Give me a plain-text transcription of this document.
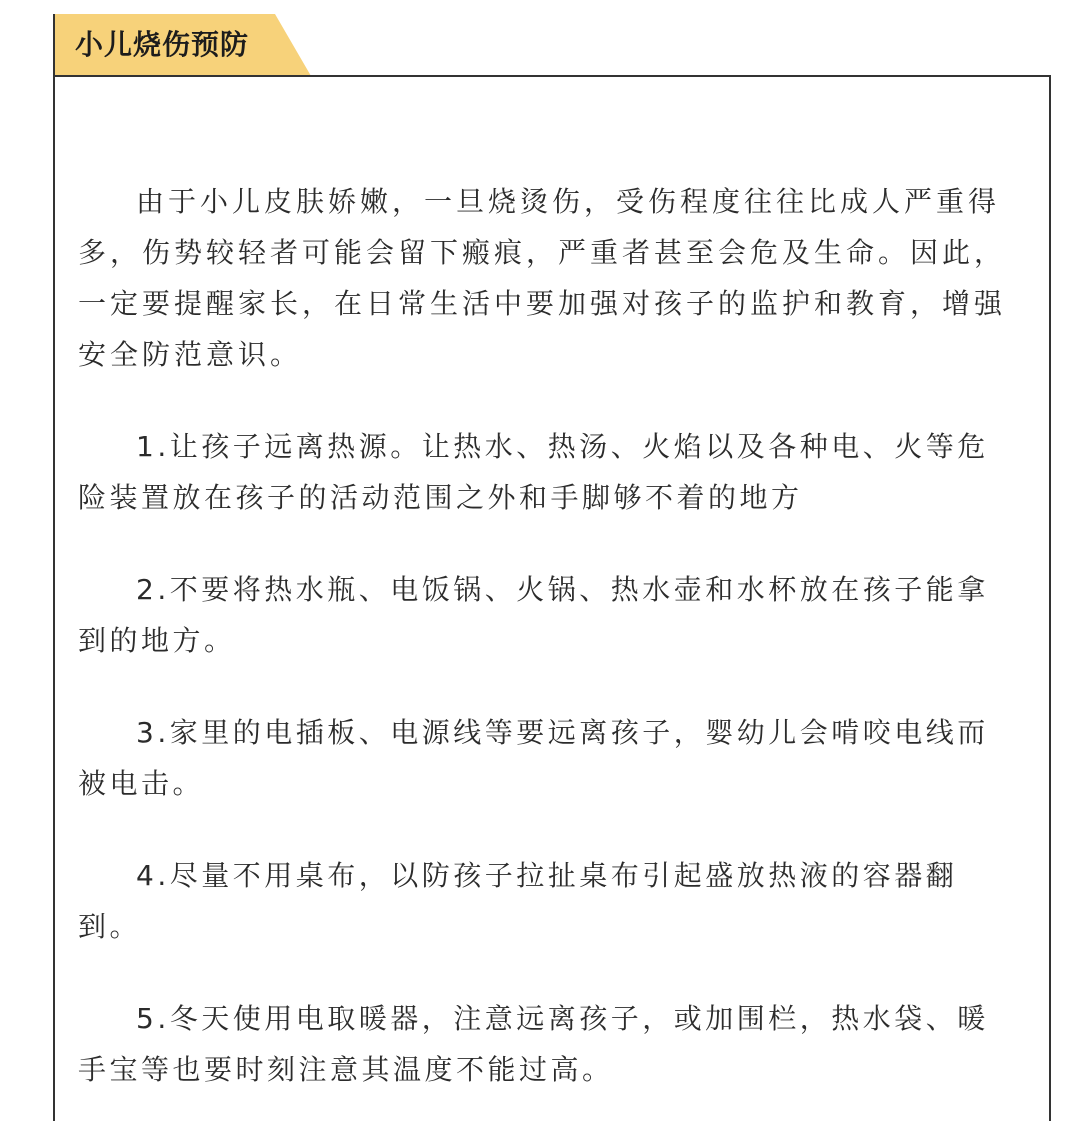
小儿烧伤预防

由于小儿皮肤娇嫩，一旦烧烫伤，受伤程度往往比成人严重得多，伤势较轻者可能会留下瘢痕，严重者甚至会危及生命。因此，一定要提醒家长，在日常生活中要加强对孩子的监护和教育，增强安全防范意识。

1.让孩子远离热源。让热水、热汤、火焰以及各种电、火等危险装置放在孩子的活动范围之外和手脚够不着的地方

2.不要将热水瓶、电饭锅、火锅、热水壶和水杯放在孩子能拿到的地方。

3.家里的电插板、电源线等要远离孩子，婴幼儿会啃咬电线而被电击。

4.尽量不用桌布，以防孩子拉扯桌布引起盛放热液的容器翻到。

5.冬天使用电取暖器，注意远离孩子，或加围栏，热水袋、暖手宝等也要时刻注意其温度不能过高。
